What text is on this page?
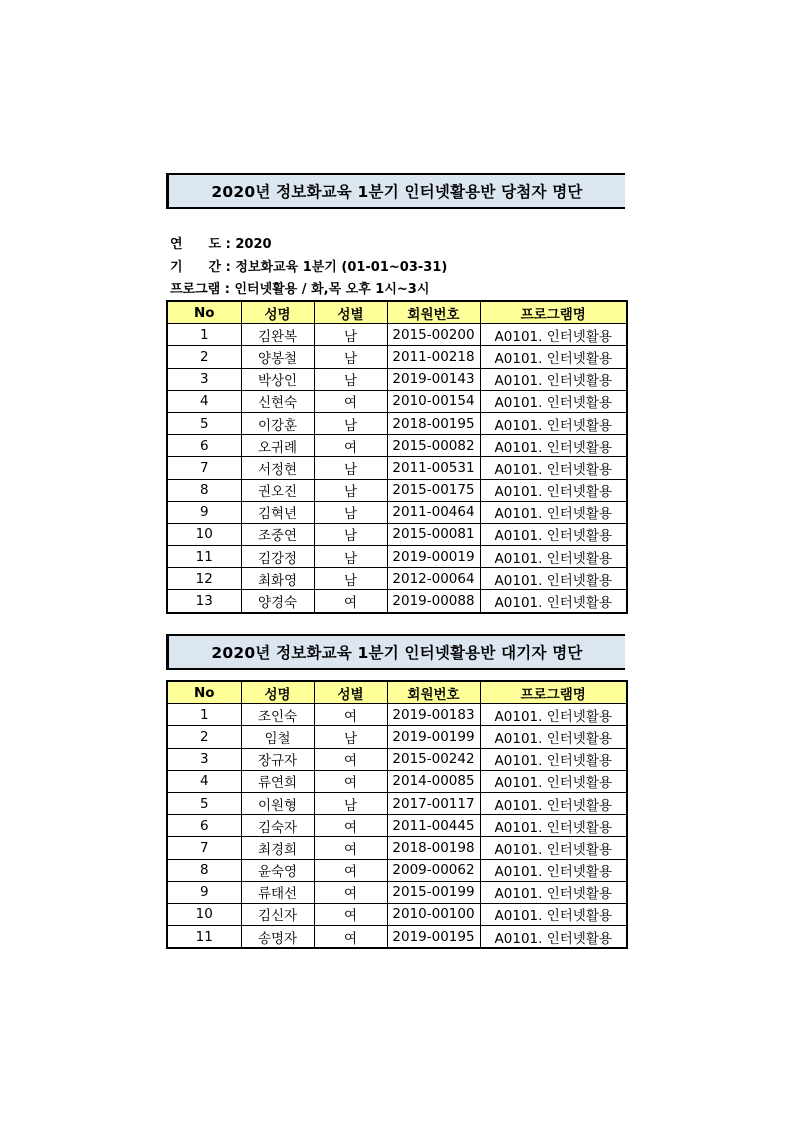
2020년 정보화교육 1분기 인터넷활용반 당첨자 명단
연　　도 : 2020
기　　간 : 정보화교육 1분기 (01-01~03-31)
프로그램 : 인터넷활용 / 화,목 오후 1시~3시
No	성명	성별	회원번호	프로그램명
1	김완복	남	2015-00200	A0101. 인터넷활용
2	양봉철	남	2011-00218	A0101. 인터넷활용
3	박상인	남	2019-00143	A0101. 인터넷활용
4	신현숙	여	2010-00154	A0101. 인터넷활용
5	이강훈	남	2018-00195	A0101. 인터넷활용
6	오귀례	여	2015-00082	A0101. 인터넷활용
7	서정현	남	2011-00531	A0101. 인터넷활용
8	권오진	남	2015-00175	A0101. 인터넷활용
9	김혁년	남	2011-00464	A0101. 인터넷활용
10	조중연	남	2015-00081	A0101. 인터넷활용
11	김강정	남	2019-00019	A0101. 인터넷활용
12	최화영	남	2012-00064	A0101. 인터넷활용
13	양경숙	여	2019-00088	A0101. 인터넷활용
2020년 정보화교육 1분기 인터넷활용반 대기자 명단
No	성명	성별	회원번호	프로그램명
1	조인숙	여	2019-00183	A0101. 인터넷활용
2	임철	남	2019-00199	A0101. 인터넷활용
3	장규자	여	2015-00242	A0101. 인터넷활용
4	류연희	여	2014-00085	A0101. 인터넷활용
5	이원형	남	2017-00117	A0101. 인터넷활용
6	김숙자	여	2011-00445	A0101. 인터넷활용
7	최경희	여	2018-00198	A0101. 인터넷활용
8	윤숙영	여	2009-00062	A0101. 인터넷활용
9	류태선	여	2015-00199	A0101. 인터넷활용
10	김신자	여	2010-00100	A0101. 인터넷활용
11	송명자	여	2019-00195	A0101. 인터넷활용
